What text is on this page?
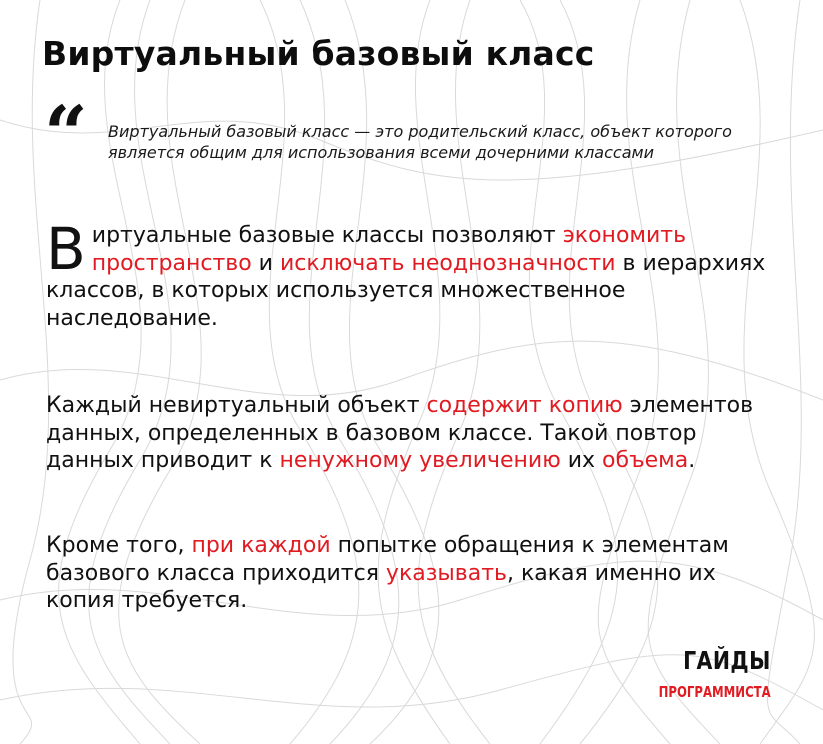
Виртуальный базовый класс
“ Виртуальный базовый класс — это родительский класс, объект которого является общим для использования всеми дочерними классами

Виртуальные базовые классы позволяют экономить пространство и исключать неоднозначности в иерархиях классов, в которых используется множественное наследование.

Каждый невиртуальный объект содержит копию элементов данных, определенных в базовом классе. Такой повтор данных приводит к ненужному увеличению их объема.

Кроме того, при каждой попытке обращения к элементам базового класса приходится указывать, какая именно их копия требуется.

ГАЙДЫ
ПРОГРАММИСТА
